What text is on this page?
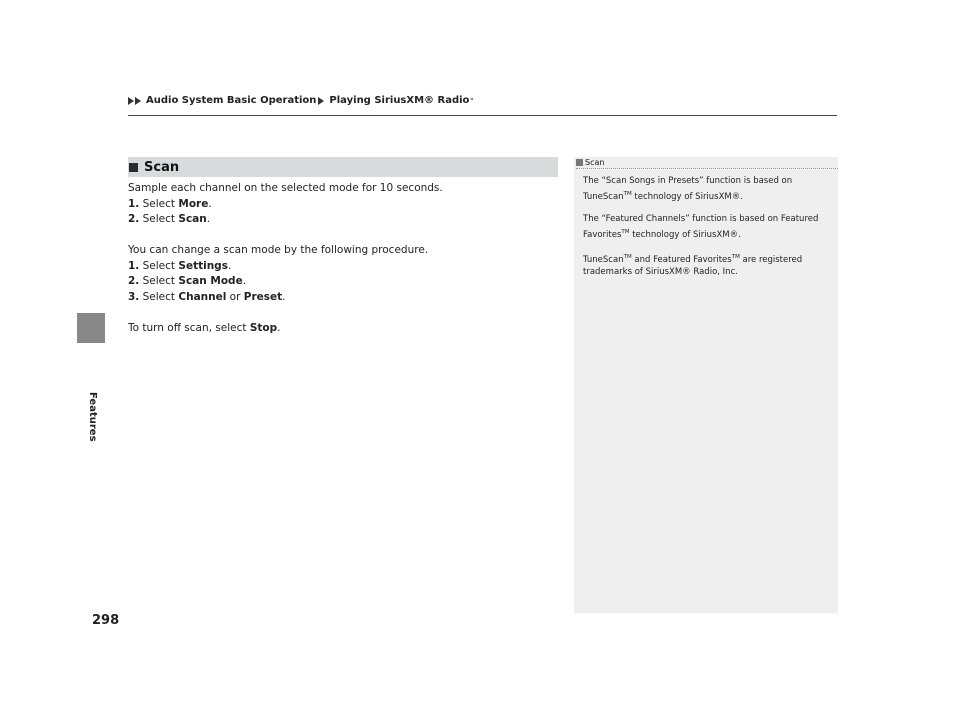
Audio System Basic Operation Playing SiriusXM® Radio *
Features
Scan

Sample each channel on the selected mode for 10 seconds.

1. Select More.

2. Select Scan.

You can change a scan mode by the following procedure.

1. Select Settings.

2. Select Scan Mode.

3. Select Channel or Preset.

To turn off scan, select Stop.

Scan

The “Scan Songs in Presets” function is based on TuneScan™ technology of SiriusXM®.

The “Featured Channels” function is based on Featured Favorites™ technology of SiriusXM®.

TuneScan™ and Featured Favorites™ are registered trademarks of SiriusXM® Radio, Inc.

298
